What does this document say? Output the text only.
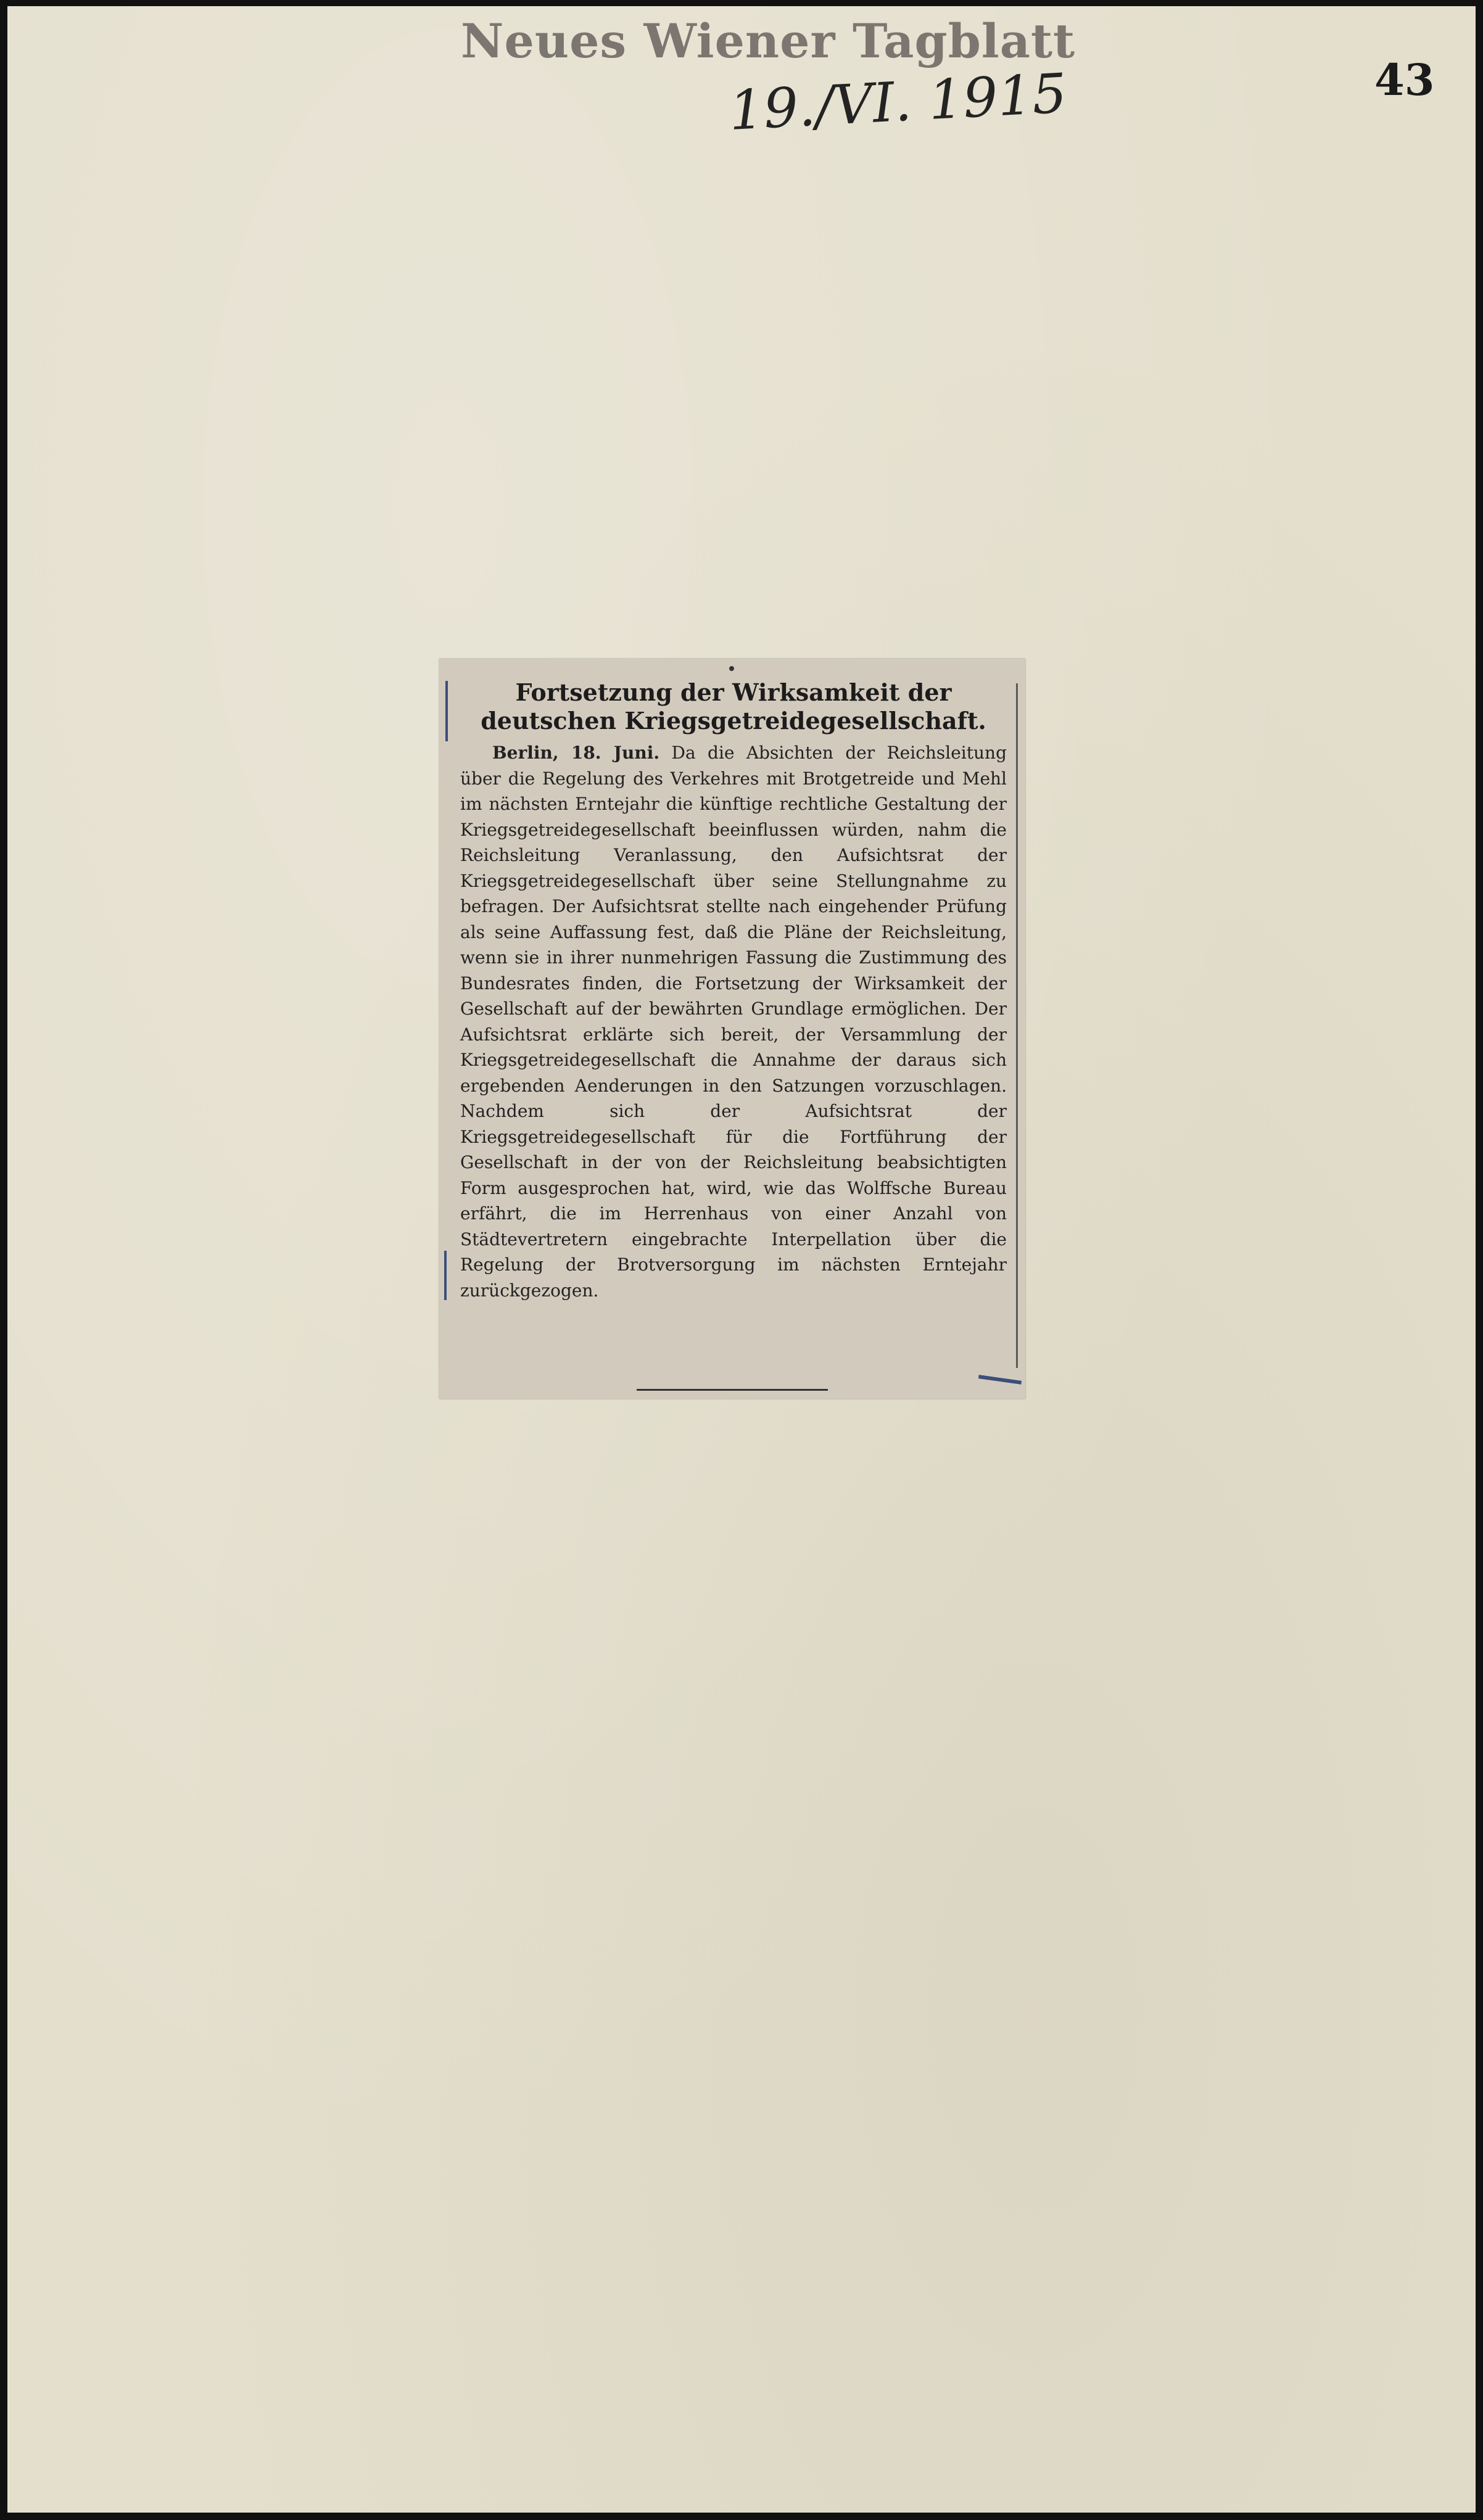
Neues Wiener Tagblatt
19./VI. 1915	43
Fortsetzung der Wirksamkeit der deutschen Kriegsgetreidegesellschaft.

Berlin, 18. Juni. Da die Absichten der Reichsleitung über die Regelung des Verkehres mit Brotgetreide und Mehl im nächsten Erntejahr die künftige rechtliche Gestaltung der Kriegsgetreidegesellschaft beeinflussen würden, nahm die Reichsleitung Veranlassung, den Aufsichtsrat der Kriegsgetreidegesellschaft über seine Stellungnahme zu befragen. Der Aufsichtsrat stellte nach eingehender Prüfung als seine Auffassung fest, daß die Pläne der Reichsleitung, wenn sie in ihrer nunmehrigen Fassung die Zustimmung des Bundesrates finden, die Fortsetzung der Wirksamkeit der Gesellschaft auf der bewährten Grundlage ermöglichen. Der Aufsichtsrat erklärte sich bereit, der Versammlung der Kriegsgetreidegesellschaft die Annahme der daraus sich ergebenden Aenderungen in den Satzungen vorzuschlagen. Nachdem sich der Aufsichtsrat der Kriegsgetreidegesellschaft für die Fortführung der Gesellschaft in der von der Reichsleitung beabsichtigten Form ausgesprochen hat, wird, wie das Wolffsche Bureau erfährt, die im Herrenhaus von einer Anzahl von Städtevertretern eingebrachte Interpellation über die Regelung der Brotversorgung im nächsten Erntejahr zurückgezogen.
